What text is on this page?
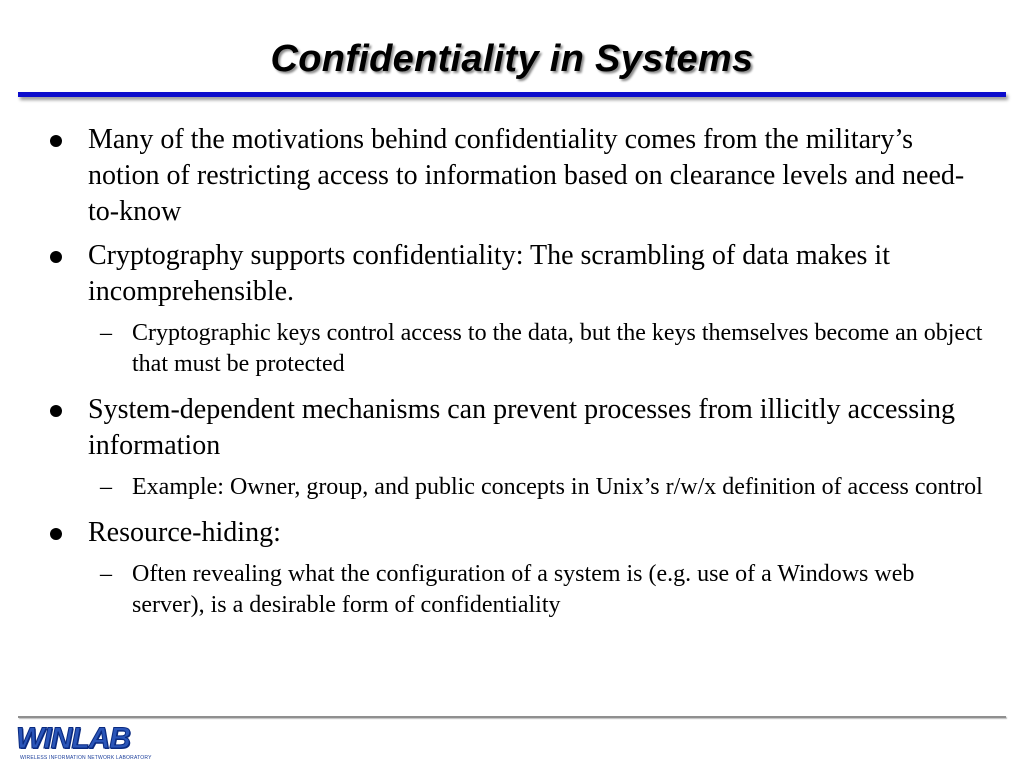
Confidentiality in Systems
Many of the motivations behind confidentiality comes from the military’s notion of restricting access to information based on clearance levels and need-to-know
Cryptography supports confidentiality: The scrambling of data makes it incomprehensible.
– Cryptographic keys control access to the data, but the keys themselves become an object that must be protected
System-dependent mechanisms can prevent processes from illicitly accessing information
– Example: Owner, group, and public concepts in Unix’s r/w/x definition of access control
Resource-hiding:
– Often revealing what the configuration of a system is (e.g. use of a Windows web server), is a desirable form of confidentiality
WINLAB
WIRELESS INFORMATION NETWORK LABORATORY
